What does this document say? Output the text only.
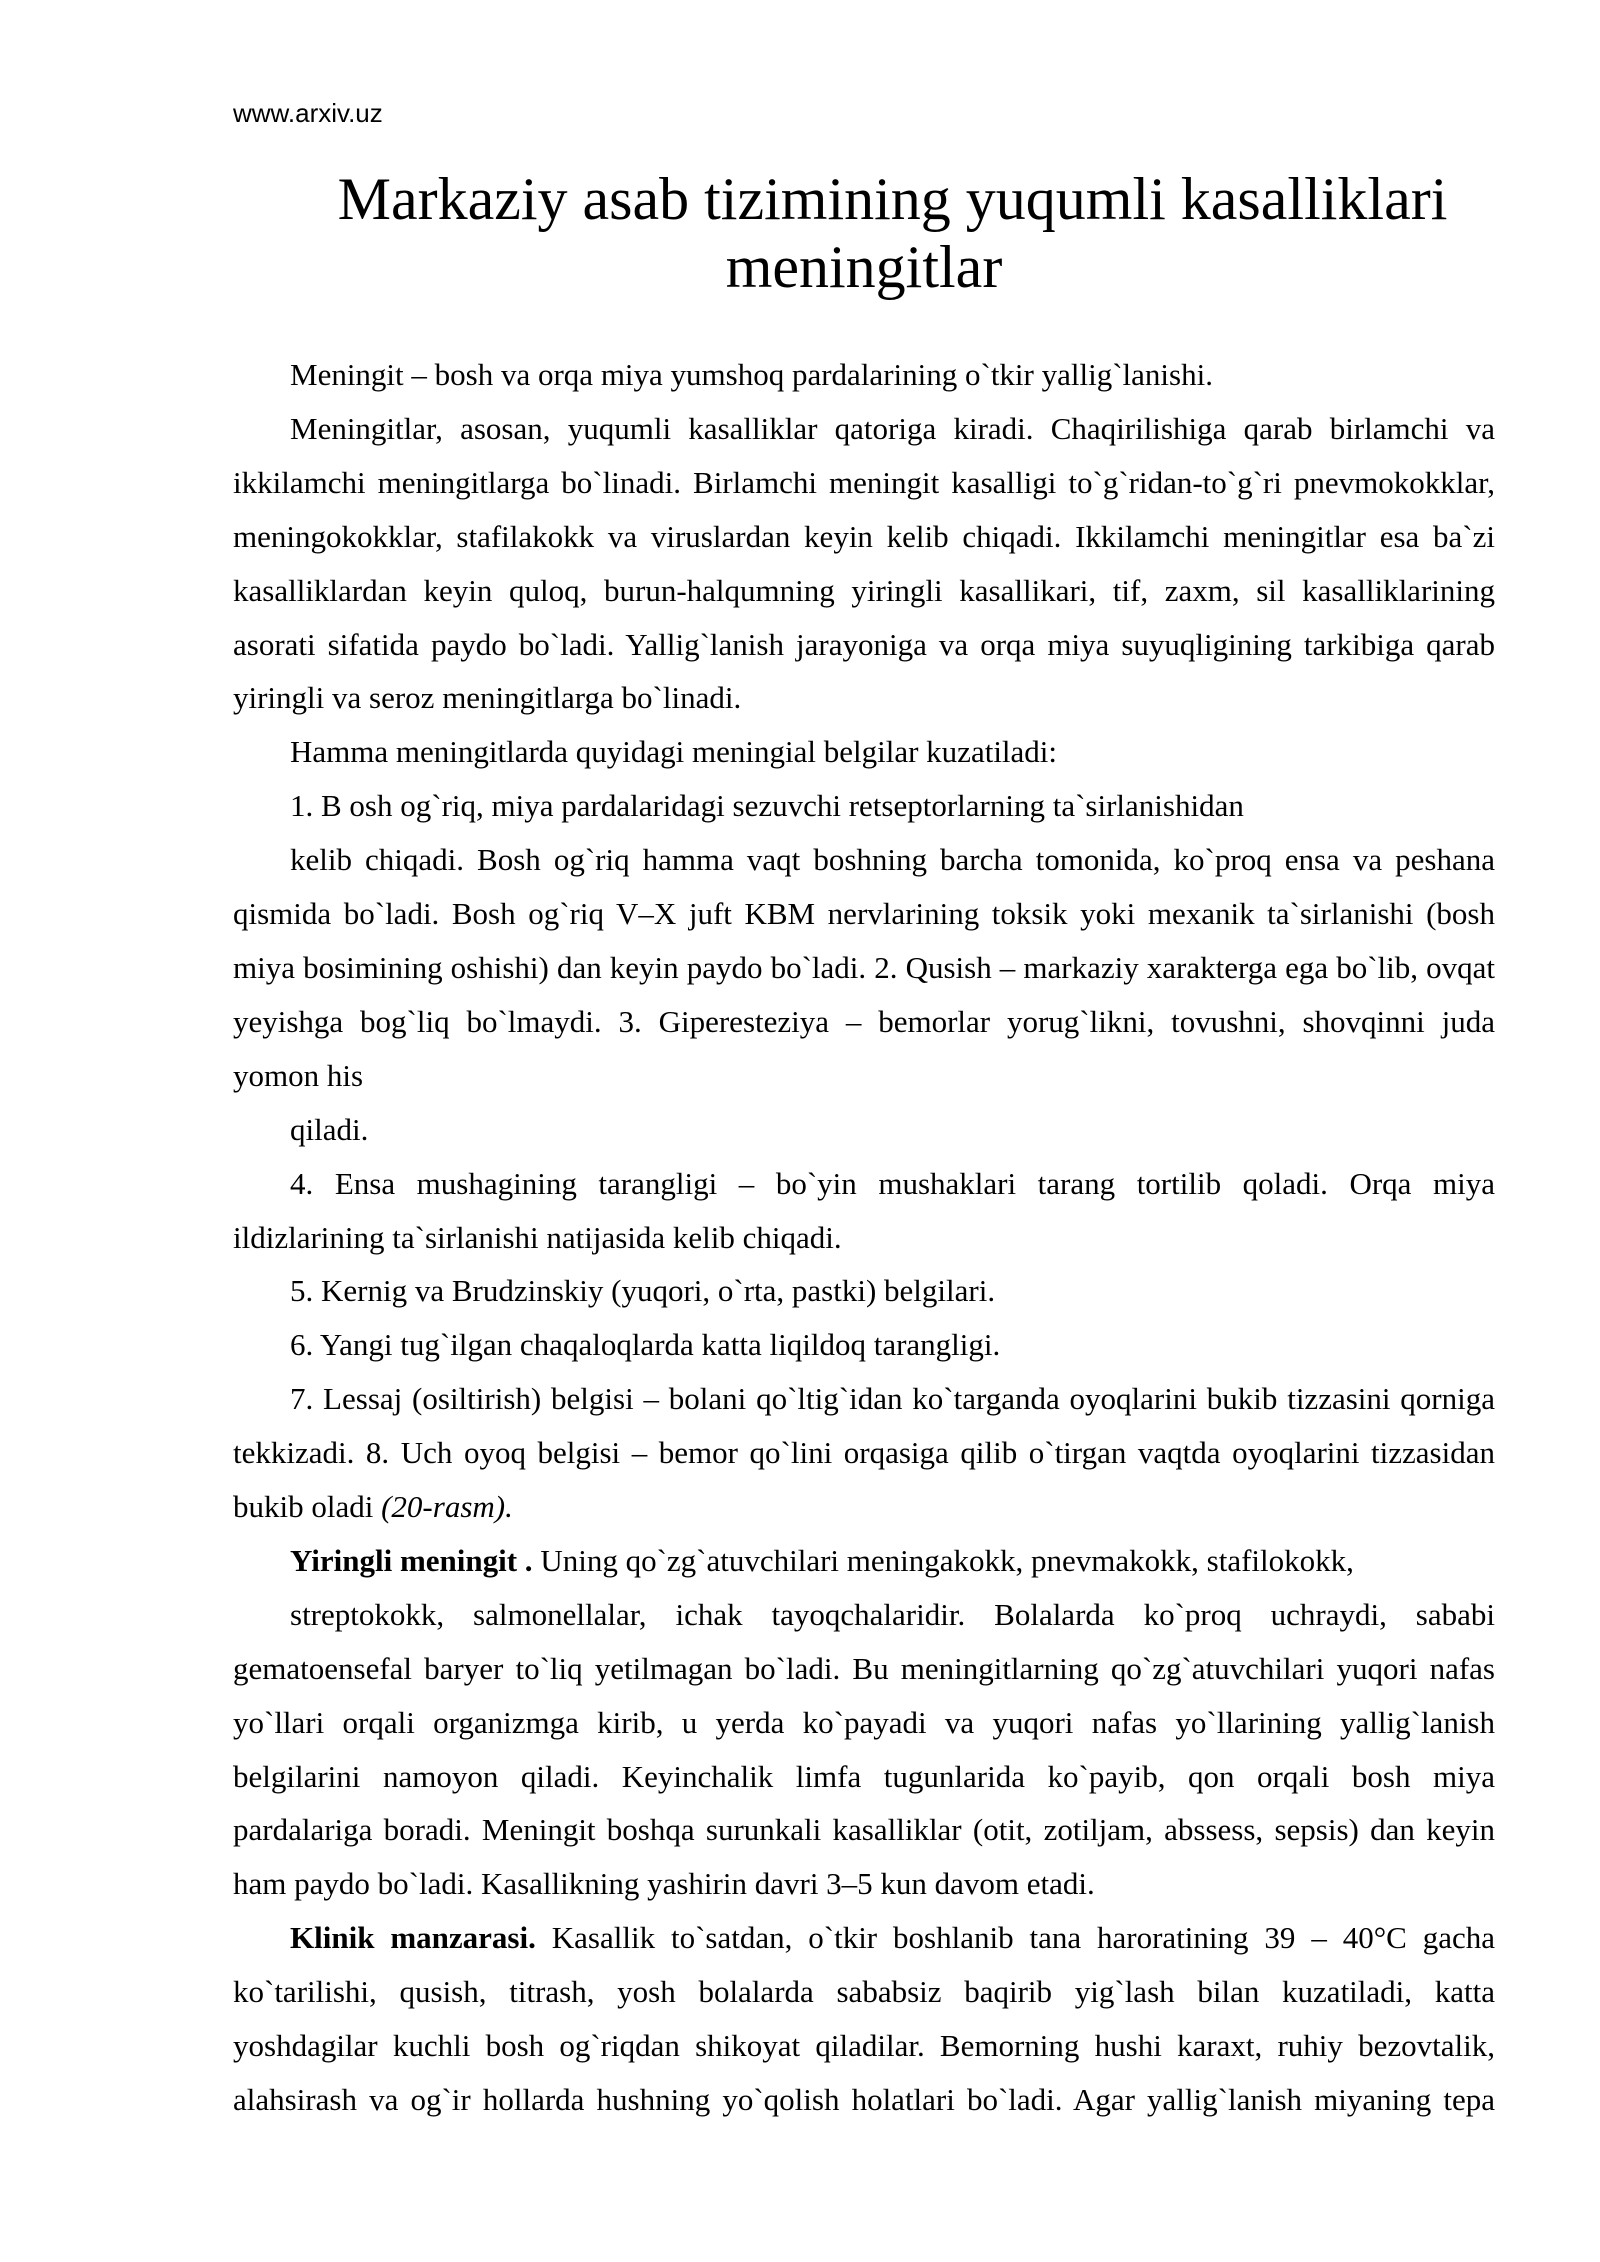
www.arxiv.uz
Markaziy asab tizimining yuqumli kasalliklari
meningitlar
Meningit – bosh va orqa miya yumshoq pardalarining o`tkir yallig`lanishi.
Meningitlar, asosan, yuqumli kasalliklar qatoriga kiradi. Chaqirilishiga qarab birlamchi va
ikkilamchi meningitlarga bo`linadi. Birlamchi meningit kasalligi to`g`ridan-to`g`ri pnevmokokklar,
meningokokklar, stafilakokk va viruslardan keyin kelib chiqadi. Ikkilamchi meningitlar esa ba`zi
kasalliklardan keyin quloq, burun-halqumning yiringli kasallikari, tif, zaxm, sil kasalliklarining
asorati sifatida paydo bo`ladi. Yallig`lanish jarayoniga va orqa miya suyuqligining tarkibiga qarab
yiringli va seroz meningitlarga bo`linadi.
Hamma meningitlarda quyidagi meningial belgilar kuzatiladi:
1. B osh og`riq, miya pardalaridagi sezuvchi retseptorlarning ta`sirlanishidan
kelib chiqadi. Bosh og`riq hamma vaqt boshning barcha tomonida, ko`proq ensa va peshana
qismida bo`ladi. Bosh og`riq V–X juft KBM nervlarining toksik yoki mexanik ta`sirlanishi (bosh
miya bosimining oshishi) dan keyin paydo bo`ladi. 2. Qusish – markaziy xarakterga ega bo`lib, ovqat
yeyishga bog`liq bo`lmaydi. 3. Giperesteziya – bemorlar yorug`likni, tovushni, shovqinni juda
yomon his
qiladi.
4. Ensa mushagining tarangligi – bo`yin mushaklari tarang tortilib qoladi. Orqa miya
ildizlarining ta`sirlanishi natijasida kelib chiqadi.
5. Kernig va Brudzinskiy (yuqori, o`rta, pastki) belgilari.
6. Yangi tug`ilgan chaqaloqlarda katta liqildoq tarangligi.
7. Lessaj (osiltirish) belgisi – bolani qo`ltig`idan ko`targanda oyoqlarini bukib tizzasini qorniga
tekkizadi. 8. Uch oyoq belgisi – bemor qo`lini orqasiga qilib o`tirgan vaqtda oyoqlarini tizzasidan
bukib oladi (20-rasm).
Yiringli meningit . Uning qo`zg`atuvchilari meningakokk, pnevmakokk, stafilokokk,
streptokokk, salmonellalar, ichak tayoqchalaridir. Bolalarda ko`proq uchraydi, sababi
gematoensefal baryer to`liq yetilmagan bo`ladi. Bu meningitlarning qo`zg`atuvchilari yuqori nafas
yo`llari orqali organizmga kirib, u yerda ko`payadi va yuqori nafas yo`llarining yallig`lanish
belgilarini namoyon qiladi. Keyinchalik limfa tugunlarida ko`payib, qon orqali bosh miya
pardalariga boradi. Meningit boshqa surunkali kasalliklar (otit, zotiljam, abssess, sepsis) dan keyin
ham paydo bo`ladi. Kasallikning yashirin davri 3–5 kun davom etadi.
Klinik manzarasi. Kasallik to`satdan, o`tkir boshlanib tana haroratining 39 – 40°C gacha
ko`tarilishi, qusish, titrash, yosh bolalarda sababsiz baqirib yig`lash bilan kuzatiladi, katta
yoshdagilar kuchli bosh og`riqdan shikoyat qiladilar. Bemorning hushi karaxt, ruhiy bezovtalik,
alahsirash va og`ir hollarda hushning yo`qolish holatlari bo`ladi. Agar yallig`lanish miyaning tepa
